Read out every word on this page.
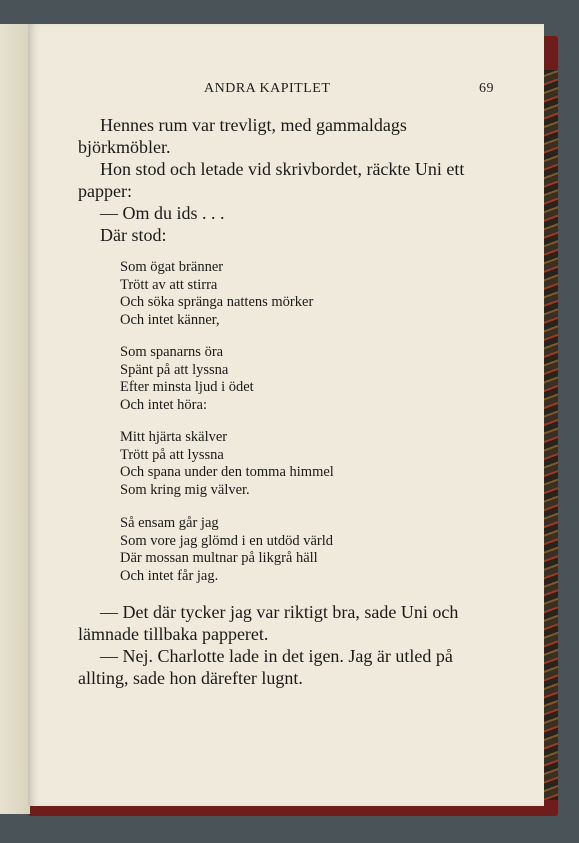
ANDRA KAPITLET	69

Hennes rum var trevligt, med gammaldags björkmöbler.

Hon stod och letade vid skrivbordet, räckte Uni ett papper:

— Om du ids . . .

Där stod:

Som ögat bränner
Trött av att stirra
Och söka spränga nattens mörker
Och intet känner,
Som spanarns öra
Spänt på att lyssna
Efter minsta ljud i ödet
Och intet höra:
Mitt hjärta skälver
Trött på att lyssna
Och spana under den tomma himmel
Som kring mig välver.
Så ensam går jag
Som vore jag glömd i en utdöd värld
Där mossan multnar på likgrå häll
Och intet får jag.

— Det där tycker jag var riktigt bra, sade Uni och lämnade tillbaka papperet.

— Nej. Charlotte lade in det igen. Jag är utled på allting, sade hon därefter lugnt.
